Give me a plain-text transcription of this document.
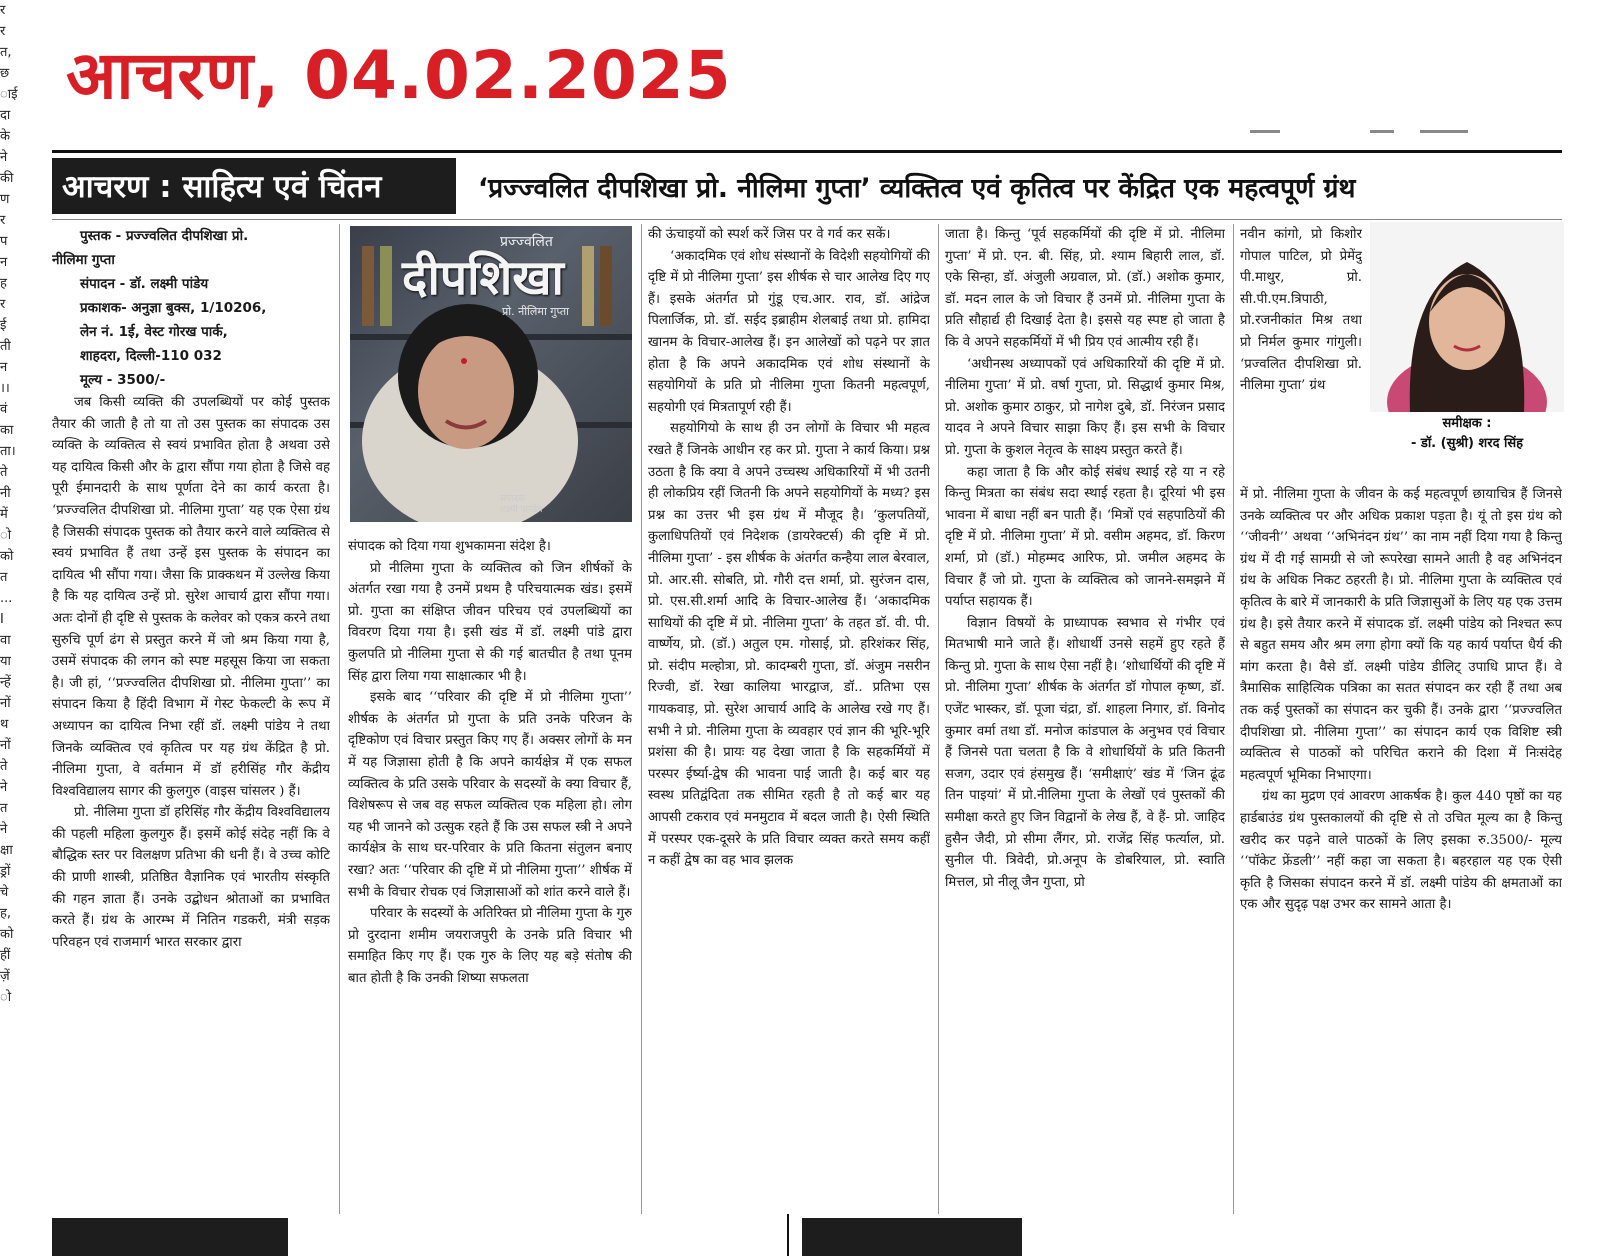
र
र
त,
छ
ाई
दा
के
ने
की
ण
र
प
न
ह
र
ई
ती
न
।।
वं
का
ता।
ते
नी
में
ो
को
त
...
I
वा
या
न्हें
नों
थ
नों
ते
ने
त
ने
क्षा
ड्रों
चे
ह,
को
हीं
ज़ें
ो
आचरण, 04.02.2025
आचरण : साहित्य एवं चिंतन	‘प्रज्ज्वलित दीपशिखा प्रो. नीलिमा गुप्ता’ व्यक्तित्व एवं कृतित्व पर केंद्रित एक महत्वपूर्ण ग्रंथ
पुस्तक - प्रज्ज्वलित दीपशिखा प्रो.
नीलिमा गुप्ता
संपादन - डॉ. लक्ष्मी पांडेय
प्रकाशक- अनुज्ञा बुक्स, 1/10206,
लेन नं. 1ई, वेस्ट गोरख पार्क,
शाहदरा, दिल्ली-110 032
मूल्य - 3500/-

जब किसी व्यक्ति की उपलब्धियों पर कोई पुस्तक तैयार की जाती है तो या तो उस पुस्तक का संपादक उस व्यक्ति के व्यक्तित्व से स्वयं प्रभावित होता है अथवा उसे यह दायित्व किसी और के द्वारा सौंपा गया होता है जिसे वह पूरी ईमानदारी के साथ पूर्णता देने का कार्य करता है। ‘प्रज्ज्वलित दीपशिखा प्रो. नीलिमा गुप्ता’ यह एक ऐसा ग्रंथ है जिसकी संपादक पुस्तक को तैयार करने वाले व्यक्तित्व से स्वयं प्रभावित हैं तथा उन्हें इस पुस्तक के संपादन का दायित्व भी सौंपा गया। जैसा कि प्राक्कथन में उल्लेख किया है कि यह दायित्व उन्हें प्रो. सुरेश आचार्य द्वारा सौंपा गया। अतः दोनों ही दृष्टि से पुस्तक के कलेवर को एकत्र करने तथा सुरुचि पूर्ण ढंग से प्रस्तुत करने में जो श्रम किया गया है, उसमें संपादक की लगन को स्पष्ट महसूस किया जा सकता है। जी हां, ‘‘प्रज्ज्वलित दीपशिखा प्रो. नीलिमा गुप्ता’’ का संपादन किया है हिंदी विभाग में गेस्ट फेकल्टी के रूप में अध्यापन का दायित्व निभा रहीं डॉ. लक्ष्मी पांडेय ने तथा जिनके व्यक्तित्व एवं कृतित्व पर यह ग्रंथ केंद्रित है प्रो. नीलिमा गुप्ता, वे वर्तमान में डॉ हरीसिंह गौर केंद्रीय विश्वविद्यालय सागर की कुलगुरु (वाइस चांसलर ) हैं।

प्रो. नीलिमा गुप्ता डॉ हरिसिंह गौर केंद्रीय विश्वविद्यालय की पहली महिला कुलगुरु हैं। इसमें कोई संदेह नहीं कि वे बौद्धिक स्तर पर विलक्षण प्रतिभा की धनी हैं। वे उच्च कोटि की प्राणी शास्त्री, प्रतिष्ठित वैज्ञानिक एवं भारतीय संस्कृति की गहन ज्ञाता हैं। उनके उद्बोधन श्रोताओं का प्रभावित करते हैं। ग्रंथ के आरम्भ में नितिन गडकरी, मंत्री सड़क परिवहन एवं राजमार्ग भारत सरकार द्वारा

प्रज्ज्वलित
दीपशिखा
प्रो. नीलिमा गुप्ता
संपादक
लक्ष्मी पाण्डेय

संपादक को दिया गया शुभकामना संदेश है।

प्रो नीलिमा गुप्ता के व्यक्तित्व को जिन शीर्षकों के अंतर्गत रखा गया है उनमें प्रथम है परिचयात्मक खंड। इसमें प्रो. गुप्ता का संक्षिप्त जीवन परिचय एवं उपलब्धियों का विवरण दिया गया है। इसी खंड में डॉ. लक्ष्मी पांडे द्वारा कुलपति प्रो नीलिमा गुप्ता से की गई बातचीत है तथा पूनम सिंह द्वारा लिया गया साक्षात्कार भी है।

इसके बाद ‘‘परिवार की दृष्टि में प्रो नीलिमा गुप्ता’’ शीर्षक के अंतर्गत प्रो गुप्ता के प्रति उनके परिजन के दृष्टिकोण एवं विचार प्रस्तुत किए गए हैं। अक्सर लोगों के मन में यह जिज्ञासा होती है कि अपने कार्यक्षेत्र में एक सफल व्यक्तित्व के प्रति उसके परिवार के सदस्यों के क्या विचार हैं, विशेषरूप से जब वह सफल व्यक्तित्व एक महिला हो। लोग यह भी जानने को उत्सुक रहते हैं कि उस सफल स्त्री ने अपने कार्यक्षेत्र के साथ घर-परिवार के प्रति कितना संतुलन बनाए रखा? अतः ‘‘परिवार की दृष्टि में प्रो नीलिमा गुप्ता’’ शीर्षक में सभी के विचार रोचक एवं जिज्ञासाओं को शांत करने वाले हैं।

परिवार के सदस्यों के अतिरिक्त प्रो नीलिमा गुप्ता के गुरु प्रो दुरदाना शमीम जयराजपुरी के उनके प्रति विचार भी समाहित किए गए हैं। एक गुरु के लिए यह बड़े संतोष की बात होती है कि उनकी शिष्या सफलता

की ऊंचाइयों को स्पर्श करें जिस पर वे गर्व कर सकें।

‘अकादमिक एवं शोध संस्थानों के विदेशी सहयोगियों की दृष्टि में प्रो नीलिमा गुप्ता’ इस शीर्षक से चार आलेख दिए गए हैं। इसके अंतर्गत प्रो गुंडू एच.आर. राव, डॉ. आंद्रेज पिलार्जिक, प्रो. डॉ. सईद इब्राहीम शेलबाई तथा प्रो. हामिदा खानम के विचार-आलेख हैं। इन आलेखों को पढ़ने पर ज्ञात होता है कि अपने अकादमिक एवं शोध संस्थानों के सहयोगियों के प्रति प्रो नीलिमा गुप्ता कितनी महत्वपूर्ण, सहयोगी एवं मित्रतापूर्ण रही हैं।

सहयोगियो के साथ ही उन लोगों के विचार भी महत्व रखते हैं जिनके आधीन रह कर प्रो. गुप्ता ने कार्य किया। प्रश्न उठता है कि क्या वे अपने उच्चस्थ अधिकारियों में भी उतनी ही लोकप्रिय रहीं जितनी कि अपने सहयोगियों के मध्य? इस प्रश्न का उत्तर भी इस ग्रंथ में मौजूद है। ‘कुलपतियों, कुलाधिपतियों एवं निदेशक (डायरेक्टर्स) की दृष्टि में प्रो. नीलिमा गुप्ता’ - इस शीर्षक के अंतर्गत कन्हैया लाल बेरवाल, प्रो. आर.सी. सोबति, प्रो. गौरी दत्त शर्मा, प्रो. सुरंजन दास, प्रो. एस.सी.शर्मा आदि के विचार-आलेख हैं। ‘अकादमिक साथियों की दृष्टि में प्रो. नीलिमा गुप्ता’ के तहत डॉ. वी. पी. वार्ष्णेय, प्रो. (डॉ.) अतुल एम. गोसाई, प्रो. हरिशंकर सिंह, प्रो. संदीप मल्होत्रा, प्रो. कादम्बरी गुप्ता, डॉ. अंजुम नसरीन रिज्वी, डॉ. रेखा कालिया भारद्वाज, डॉ.. प्रतिभा एस गायकवाड़, प्रो. सुरेश आचार्य आदि के आलेख रखे गए हैं। सभी ने प्रो. नीलिमा गुप्ता के व्यवहार एवं ज्ञान की भूरि-भूरि प्रशंसा की है। प्रायः यह देखा जाता है कि सहकर्मियों में परस्पर ईर्ष्या-द्वेष की भावना पाई जाती है। कई बार यह स्वस्थ प्रतिद्वंदिता तक सीमित रहती है तो कई बार यह आपसी टकराव एवं मनमुटाव में बदल जाती है। ऐसी स्थिति में परस्पर एक-दूसरे के प्रति विचार व्यक्त करते समय कहीं न कहीं द्वेष का वह भाव झलक

जाता है। किन्तु ‘पूर्व सहकर्मियों की दृष्टि में प्रो. नीलिमा गुप्ता’ में प्रो. एन. बी. सिंह, प्रो. श्याम बिहारी लाल, डॉ. एके सिन्हा, डॉ. अंजुली अग्रवाल, प्रो. (डॉ.) अशोक कुमार, डॉ. मदन लाल के जो विचार हैं उनमें प्रो. नीलिमा गुप्ता के प्रति सौहार्द्य ही दिखाई देता है। इससे यह स्पष्ट हो जाता है कि वे अपने सहकर्मियों में भी प्रिय एवं आत्मीय रही हैं।

‘अधीनस्थ अध्यापकों एवं अधिकारियों की दृष्टि में प्रो. नीलिमा गुप्ता’ में प्रो. वर्षा गुप्ता, प्रो. सिद्धार्थ कुमार मिश्र, प्रो. अशोक कुमार ठाकुर, प्रो नागेश दुबे, डॉ. निरंजन प्रसाद यादव ने अपने विचार साझा किए हैं। इस सभी के विचार प्रो. गुप्ता के कुशल नेतृत्व के साक्ष्य प्रस्तुत करते हैं।

कहा जाता है कि और कोई संबंध स्थाई रहे या न रहे किन्तु मित्रता का संबंध सदा स्थाई रहता है। दूरियां भी इस भावना में बाधा नहीं बन पाती हैं। ‘मित्रों एवं सहपाठियों की दृष्टि में प्रो. नीलिमा गुप्ता’ में प्रो. वसीम अहमद, डॉ. किरण शर्मा, प्रो (डॉ.) मोहम्मद आरिफ, प्रो. जमील अहमद के विचार हैं जो प्रो. गुप्ता के व्यक्तित्व को जानने-समझने में पर्याप्त सहायक हैं।

विज्ञान विषयों के प्राध्यापक स्वभाव से गंभीर एवं मितभाषी माने जाते हैं। शोधार्थी उनसे सहमें हुए रहते हैं किन्तु प्रो. गुप्ता के साथ ऐसा नहीं है। ‘शोधार्थियों की दृष्टि में प्रो. नीलिमा गुप्ता’ शीर्षक के अंतर्गत डॉ गोपाल कृष्ण, डॉ. एजेंट भास्कर, डॉ. पूजा चंद्रा, डॉ. शाहला निगार, डॉ. विनोद कुमार वर्मा तथा डॉ. मनोज कांडपाल के अनुभव एवं विचार हैं जिनसे पता चलता है कि वे शोधार्थियों के प्रति कितनी सजग, उदार एवं हंसमुख हैं। ‘समीक्षाएं’ खंड में ‘जिन ढूंढ तिन पाइयां’ में प्रो.नीलिमा गुप्ता के लेखों एवं पुस्तकों की समीक्षा करते हुए जिन विद्वानों के लेख हैं, वे हैं- प्रो. जाहिद हुसैन जैदी, प्रो सीमा लैंगर, प्रो. राजेंद्र सिंह फर्त्याल, प्रो. सुनील पी. त्रिवेदी, प्रो.अनूप के डोबरियाल, प्रो. स्वाति मित्तल, प्रो नीलू जैन गुप्ता, प्रो

नवीन कांगो, प्रो किशोर गोपाल पाटिल, प्रो प्रेमेंदु पी.माथुर, प्रो. सी.पी.एम.त्रिपाठी, प्रो.रजनीकांत मिश्र तथा प्रो निर्मल कुमार गांगुली। ‘प्रज्वलित दीपशिखा प्रो. नीलिमा गुप्ता’ ग्रंथ

समीक्षक :
- डॉ. (सुश्री) शरद सिंह

में प्रो. नीलिमा गुप्ता के जीवन के कई महत्वपूर्ण छायाचित्र हैं जिनसे उनके व्यक्तित्व पर और अधिक प्रकाश पड़ता है। यूं तो इस ग्रंथ को ‘‘जीवनी’’ अथवा ‘‘अभिनंदन ग्रंथ’’ का नाम नहीं दिया गया है किन्तु ग्रंथ में दी गई सामग्री से जो रूपरेखा सामने आती है वह अभिनंदन ग्रंथ के अधिक निकट ठहरती है। प्रो. नीलिमा गुप्ता के व्यक्तित्व एवं कृतित्व के बारे में जानकारी के प्रति जिज्ञासुओं के लिए यह एक उत्तम ग्रंथ है। इसे तैयार करने में संपादक डॉ. लक्ष्मी पांडेय को निश्चत रूप से बहुत समय और श्रम लगा होगा क्यों कि यह कार्य पर्याप्त धैर्य की मांग करता है। वैसे डॉ. लक्ष्मी पांडेय डीलिट् उपाधि प्राप्त हैं। वे त्रैमासिक साहित्यिक पत्रिका का सतत संपादन कर रही हैं तथा अब तक कई पुस्तकों का संपादन कर चुकी हैं। उनके द्वारा ‘‘प्रज्ज्वलित दीपशिखा प्रो. नीलिमा गुप्ता’’ का संपादन कार्य एक विशिष्ट स्त्री व्यक्तित्व से पाठकों को परिचित कराने की दिशा में निःसंदेह महत्वपूर्ण भूमिका निभाएगा।

ग्रंथ का मुद्रण एवं आवरण आकर्षक है। कुल 440 पृष्ठों का यह हार्डबाउंड ग्रंथ पुस्तकालयों की दृष्टि से तो उचित मूल्य का है किन्तु खरीद कर पढ़ने वाले पाठकों के लिए इसका रु.3500/- मूल्य ‘‘पॉकेट फ्रेंडली’’ नहीं कहा जा सकता है। बहरहाल यह एक ऐसी कृति है जिसका संपादन करने में डॉ. लक्ष्मी पांडेय की क्षमताओं का एक और सुदृढ़ पक्ष उभर कर सामने आता है।
